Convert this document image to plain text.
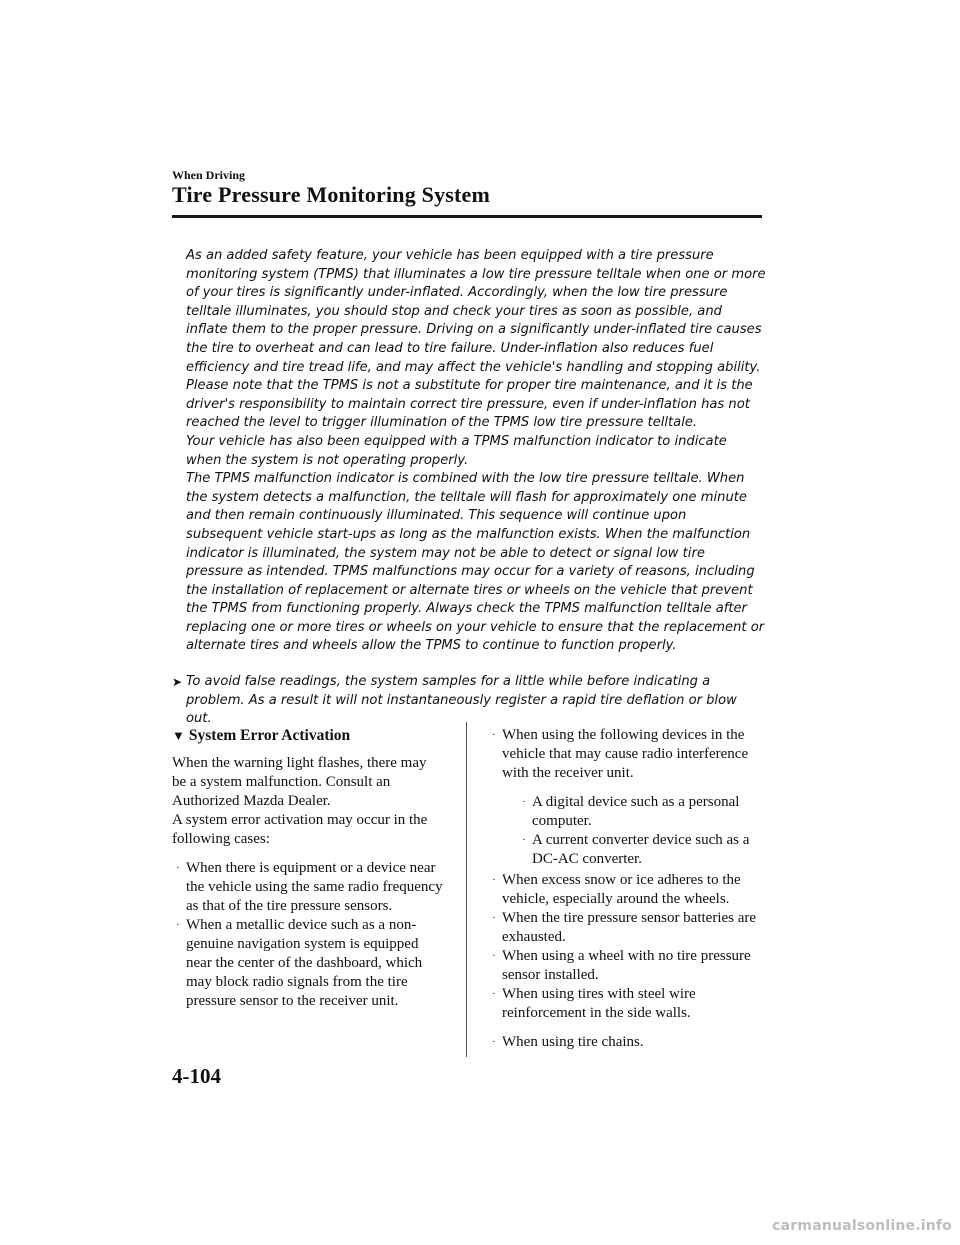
When Driving
Tire Pressure Monitoring System

As an added safety feature, your vehicle has been equipped with a tire pressure monitoring system (TPMS) that illuminates a low tire pressure telltale when one or more of your tires is significantly under-inflated. Accordingly, when the low tire pressure telltale illuminates, you should stop and check your tires as soon as possible, and inflate them to the proper pressure. Driving on a significantly under-inflated tire causes the tire to overheat and can lead to tire failure. Under-inflation also reduces fuel efficiency and tire tread life, and may affect the vehicle's handling and stopping ability.

Please note that the TPMS is not a substitute for proper tire maintenance, and it is the driver's responsibility to maintain correct tire pressure, even if under-inflation has not reached the level to trigger illumination of the TPMS low tire pressure telltale.

Your vehicle has also been equipped with a TPMS malfunction indicator to indicate when the system is not operating properly.

The TPMS malfunction indicator is combined with the low tire pressure telltale. When the system detects a malfunction, the telltale will flash for approximately one minute and then remain continuously illuminated. This sequence will continue upon subsequent vehicle start-ups as long as the malfunction exists. When the malfunction indicator is illuminated, the system may not be able to detect or signal low tire pressure as intended. TPMS malfunctions may occur for a variety of reasons, including the installation of replacement or alternate tires or wheels on the vehicle that prevent the TPMS from functioning properly. Always check the TPMS malfunction telltale after replacing one or more tires or wheels on your vehicle to ensure that the replacement or alternate tires and wheels allow the TPMS to continue to function properly.

➤ To avoid false readings, the system samples for a little while before indicating a problem. As a result it will not instantaneously register a rapid tire deflation or blow out.
▼ System Error Activation

When the warning light flashes, there may be a system malfunction. Consult an Authorized Mazda Dealer.

A system error activation may occur in the following cases:

· When there is equipment or a device near the vehicle using the same radio frequency as that of the tire pressure sensors.
· When a metallic device such as a non-genuine navigation system is equipped near the center of the dashboard, which may block radio signals from the tire pressure sensor to the receiver unit.
· When using the following devices in the vehicle that may cause radio interference with the receiver unit.
· A digital device such as a personal computer.
· A current converter device such as a DC-AC converter.
· When excess snow or ice adheres to the vehicle, especially around the wheels.
· When the tire pressure sensor batteries are exhausted.
· When using a wheel with no tire pressure sensor installed.
· When using tires with steel wire reinforcement in the side walls.
· When using tire chains.
4-104
carmanualsonline.info
